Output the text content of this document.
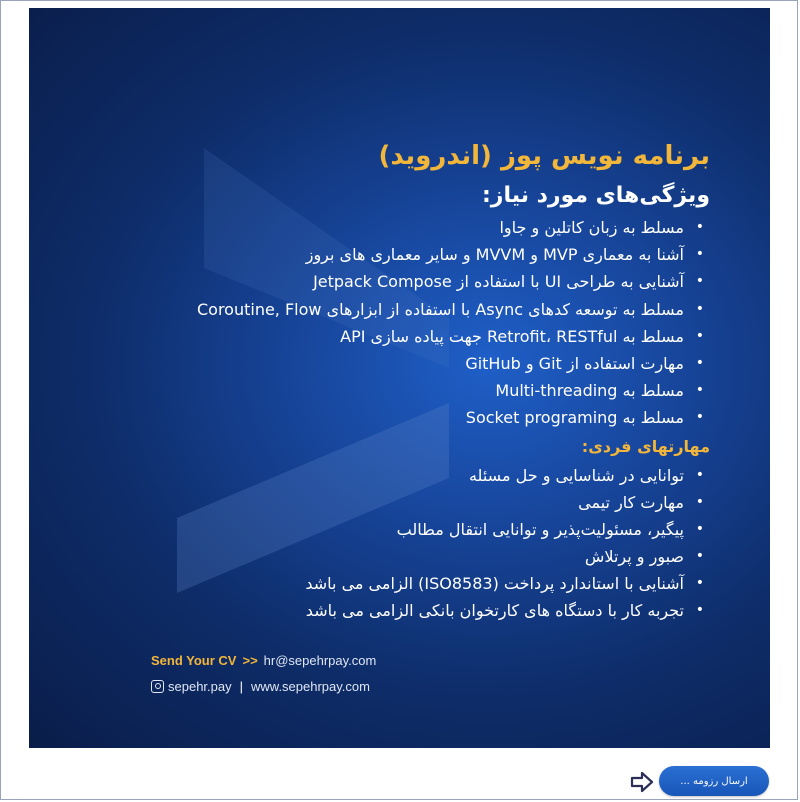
برنامه نویس پوز (اندروید)
ویژگی‌های مورد نیاز:
• مسلط به زبان کاتلین و جاوا
• آشنا به معماری MVP و MVVM و سایر معماری های بروز
• آشنایی به طراحی UI با استفاده از Jetpack Compose
• مسلط به توسعه کدهای Async با استفاده از ابزارهای Coroutine, Flow
• مسلط به Retrofit، RESTful جهت پیاده سازی API
• مهارت استفاده از Git و GitHub
• مسلط به Multi-threading
• مسلط به Socket programing
مهارتهای فردی:
• توانایی در شناسایی و حل مسئله
• مهارت کار تیمی
• پیگیر، مسئولیت‌پذیر و توانایی انتقال مطالب
• صبور و پرتلاش
• آشنایی با استاندارد پرداخت (ISO8583) الزامی می باشد
• تجربه کار با دستگاه های کارتخوان بانکی الزامی می باشد
Send Your CV >> hr@sepehrpay.com
sepehr.pay | www.sepehrpay.com
ارسال رزومه ...
